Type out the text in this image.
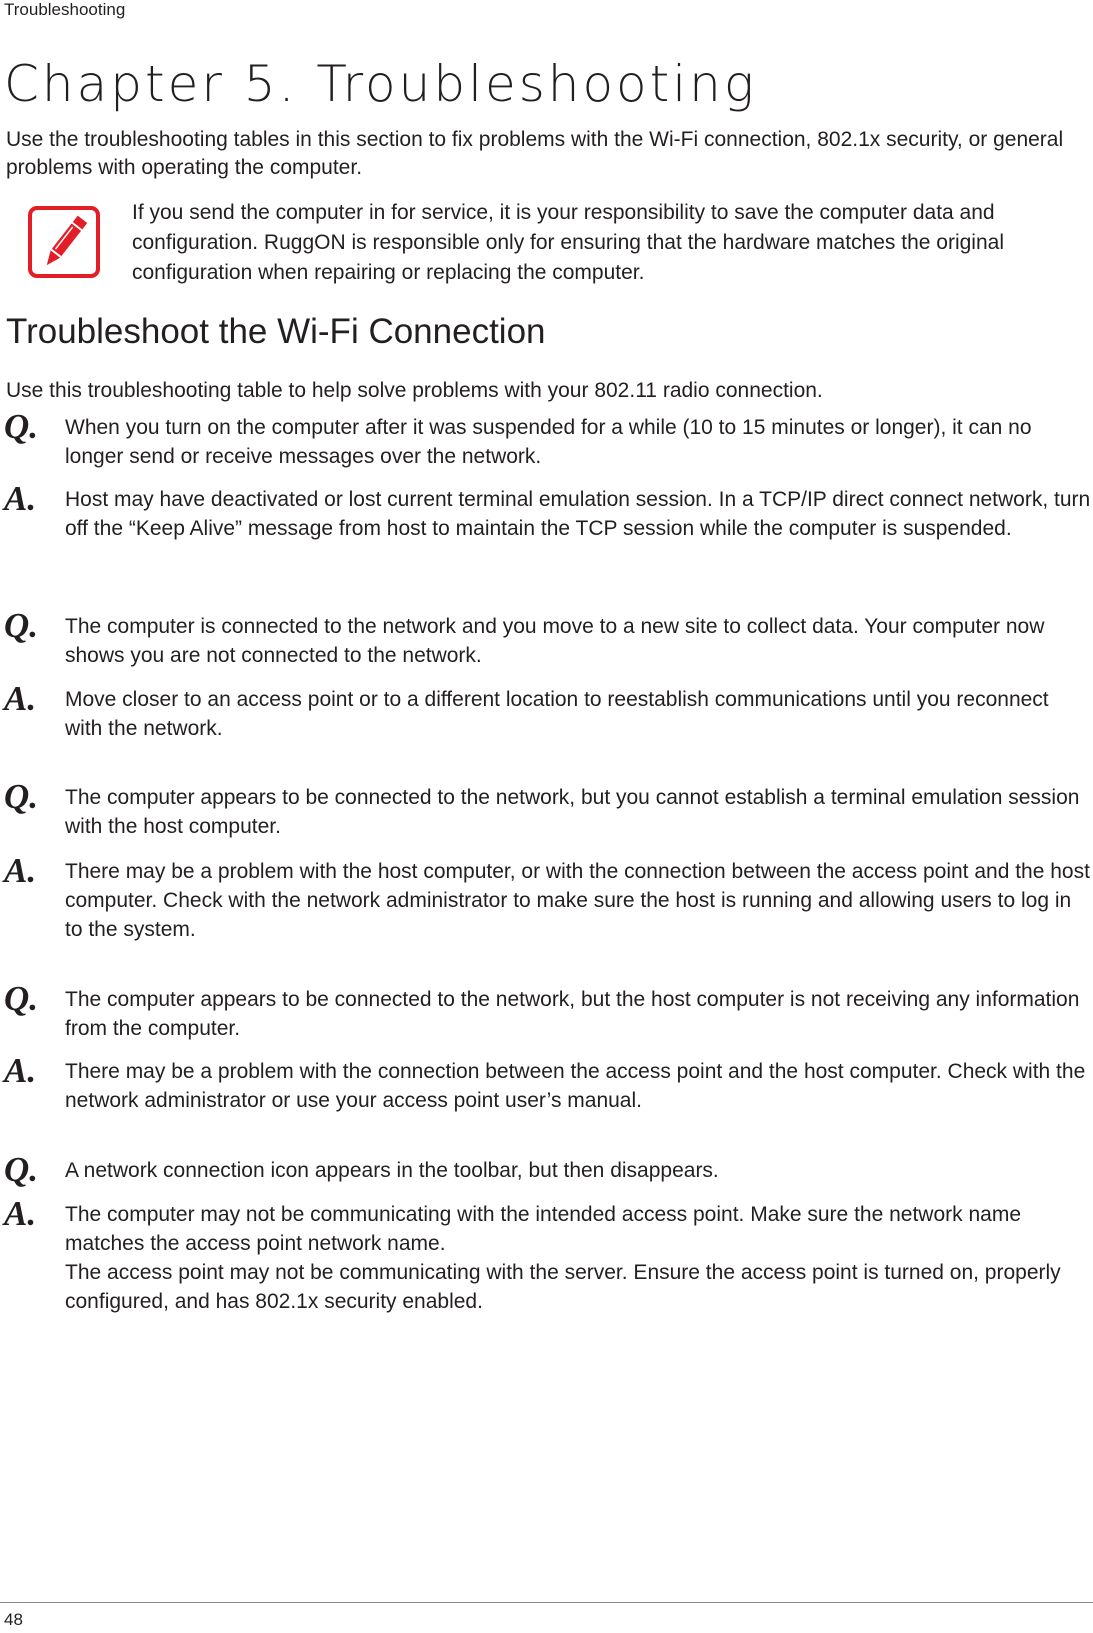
Troubleshooting
Chapter 5. Troubleshooting

Use the troubleshooting tables in this section to fix problems with the Wi-Fi connection, 802.1x security, or general problems with operating the computer.

If you send the computer in for service, it is your responsibility to save the computer data and configuration. RuggON is responsible only for ensuring that the hardware matches the original configuration when repairing or replacing the computer.

Troubleshoot the Wi-Fi Connection

Use this troubleshooting table to help solve problems with your 802.11 radio connection.

Q. When you turn on the computer after it was suspended for a while (10 to 15 minutes or longer), it can no longer send or receive messages over the network.
A. Host may have deactivated or lost current terminal emulation session. In a TCP/IP direct connect network, turn off the “Keep Alive” message from host to maintain the TCP session while the computer is suspended.
Q. The computer is connected to the network and you move to a new site to collect data. Your computer now shows you are not connected to the network.
A. Move closer to an access point or to a different location to reestablish communications until you reconnect with the network.
Q. The computer appears to be connected to the network, but you cannot establish a terminal emulation session with the host computer.
A. There may be a problem with the host computer, or with the connection between the access point and the host computer. Check with the network administrator to make sure the host is running and allowing users to log in to the system.
Q. The computer appears to be connected to the network, but the host computer is not receiving any information from the computer.
A. There may be a problem with the connection between the access point and the host computer. Check with the network administrator or use your access point user’s manual.
Q. A network connection icon appears in the toolbar, but then disappears.
A. The computer may not be communicating with the intended access point. Make sure the network name matches the access point network name.
The access point may not be communicating with the server. Ensure the access point is turned on, properly configured, and has 802.1x security enabled.
48
